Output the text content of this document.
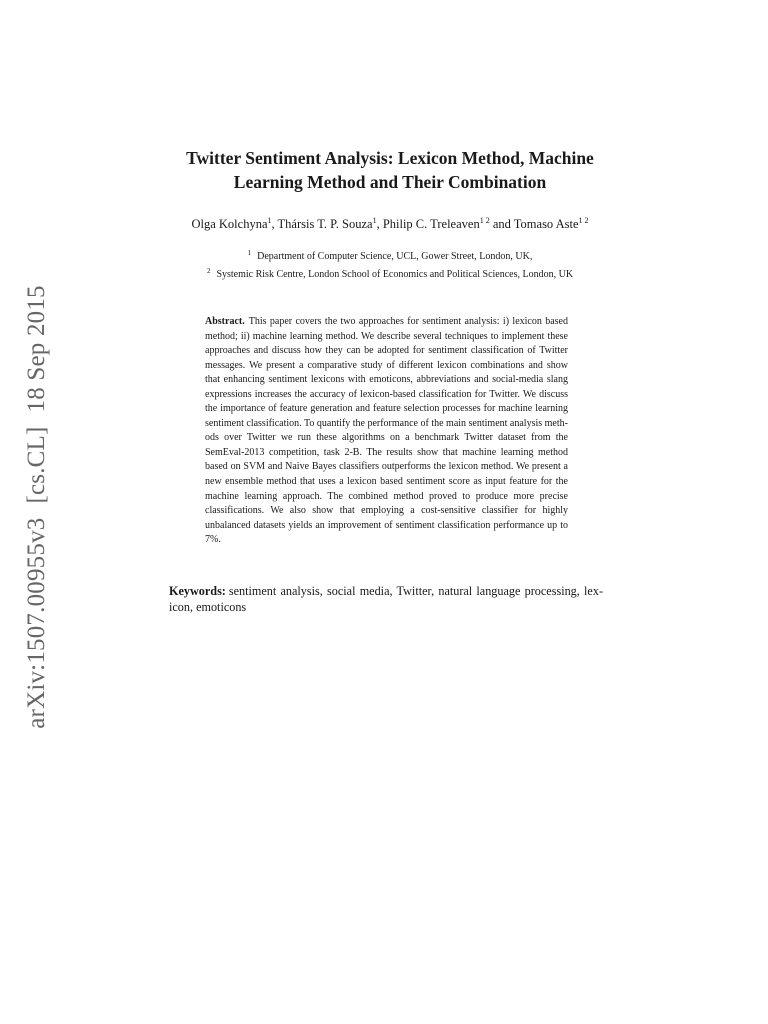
arXiv:1507.00955v3[cs.CL]18 Sep 2015
Twitter Sentiment Analysis: Lexicon Method, Machine
Learning Method and Their Combination
Olga Kolchyna$^1$, Thársis T. P. Souza$^1$, Philip C. Treleaven$^{1 2}$ and Tomaso Aste$^{1 2}$
$^1$ Department of Computer Science, UCL, Gower Street, London, UK,
$^2$ Systemic Risk Centre, London School of Economics and Political Sciences, London, UK
Abstract. This paper covers the two approaches for sentiment analysis: i) lexicon based method; ii) machine learning method. We describe several techniques to implement these approaches and discuss how they can be adopted for sentiment classification of Twitter messages. We present a comparative study of different lexicon combinations and show that enhancing sentiment lexicons with emoticons, abbreviations and social-media slang expressions increases the accuracy of lexicon-based classification for Twitter. We discuss the importance of feature generation and feature selection processes for machine learning sentiment classification. To quantify the performance of the main sentiment analysis methods over Twitter we run these algorithms on a benchmark Twitter dataset from the SemEval-2013 competition, task 2-B. The results show that machine learning method based on SVM and Naive Bayes classifiers outperforms the lexicon method. We present a new ensemble method that uses a lexicon based sentiment score as input feature for the machine learning approach. The combined method proved to produce more precise classifications. We also show that employing a cost-sensitive classifier for highly unbalanced datasets yields an improvement of sentiment classification performance up to 7%.
Keywords: sentiment analysis, social media, Twitter, natural language processing, lexicon, emoticons
